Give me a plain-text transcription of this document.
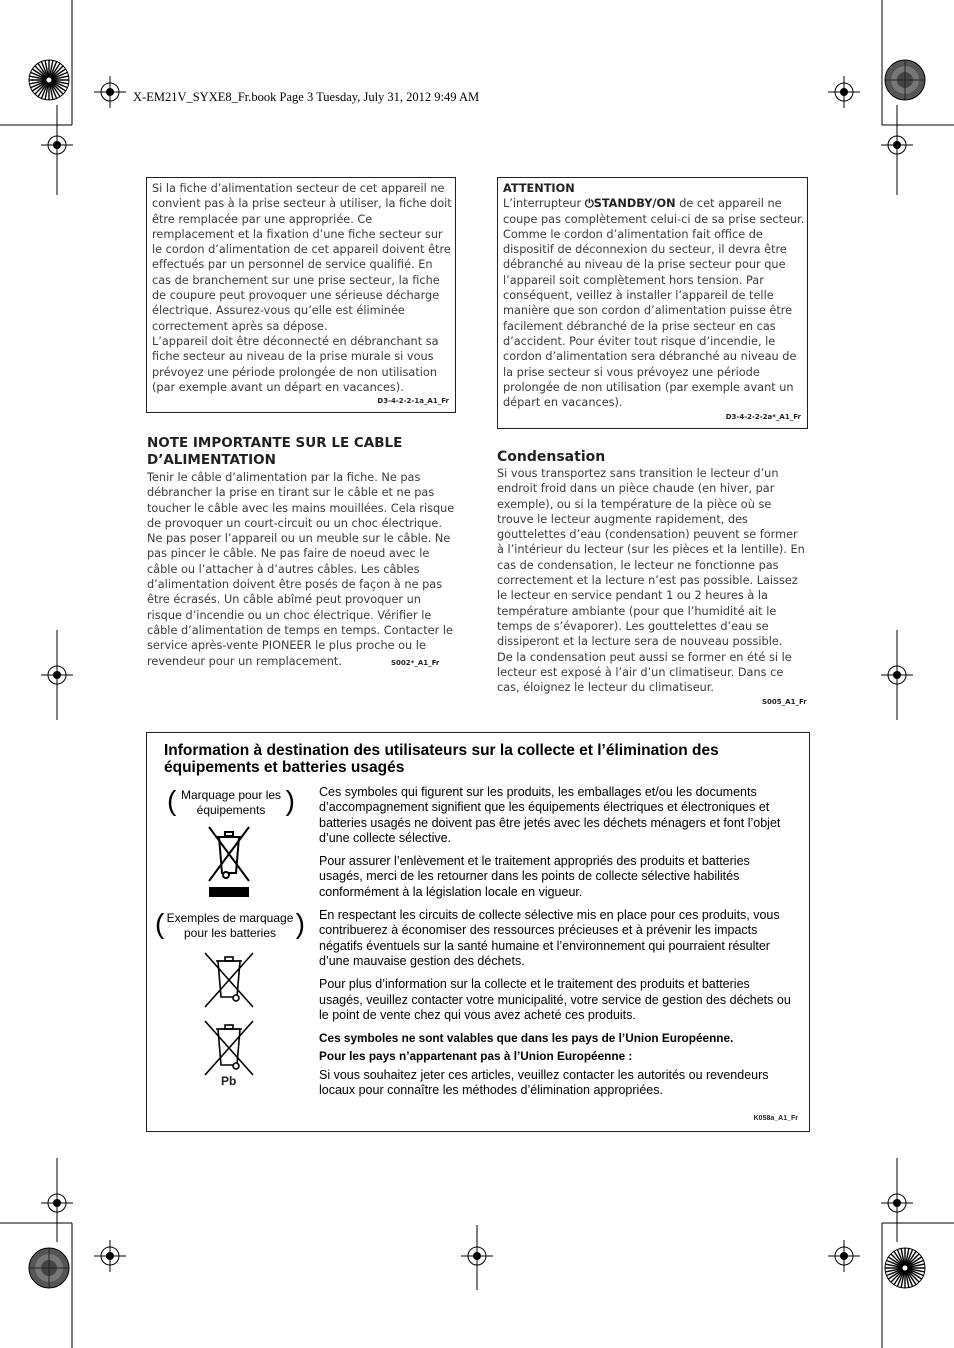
X-EM21V_SYXE8_Fr.book Page 3 Tuesday, July 31, 2012 9:49 AM

Si la fiche d’alimentation secteur de cet appareil ne convient pas à la prise secteur à utiliser, la fiche doit être remplacée par une appropriée. Ce remplacement et la fixation d’une fiche secteur sur le cordon d’alimentation de cet appareil doivent être effectués par un personnel de service qualifié. En cas de branchement sur une prise secteur, la fiche de coupure peut provoquer une sérieuse décharge électrique. Assurez-vous qu’elle est éliminée correctement après sa dépose.

L’appareil doit être déconnecté en débranchant sa fiche secteur au niveau de la prise murale si vous prévoyez une période prolongée de non utilisation (par exemple avant un départ en vacances).

D3-4-2-2-1a_A1_Fr
ATTENTION

L’interrupteur ⏻STANDBY/ON de cet appareil ne coupe pas complètement celui-ci de sa prise secteur. Comme le cordon d’alimentation fait office de dispositif de déconnexion du secteur, il devra être débranché au niveau de la prise secteur pour que l’appareil soit complètement hors tension. Par conséquent, veillez à installer l’appareil de telle manière que son cordon d’alimentation puisse être facilement débranché de la prise secteur en cas d’accident. Pour éviter tout risque d’incendie, le cordon d’alimentation sera débranché au niveau de la prise secteur si vous prévoyez une période prolongée de non utilisation (par exemple avant un départ en vacances).

D3-4-2-2-2a*_A1_Fr
NOTE IMPORTANTE SUR LE CABLE D’ALIMENTATION
Tenir le câble d’alimentation par la fiche. Ne pas débrancher la prise en tirant sur le câble et ne pas toucher le câble avec les mains mouillées. Cela risque de provoquer un court-circuit ou un choc électrique. Ne pas poser l’appareil ou un meuble sur le câble. Ne pas pincer le câble. Ne pas faire de noeud avec le câble ou l’attacher à d’autres câbles. Les câbles d’alimentation doivent être posés de façon à ne pas être écrasés. Un câble abîmé peut provoquer un risque d’incendie ou un choc électrique. Vérifier le câble d’alimentation de temps en temps. Contacter le service après-vente PIONEER le plus proche ou le revendeur pour un remplacement.	S002*_A1_Fr
Condensation
Si vous transportez sans transition le lecteur d’un endroit froid dans un pièce chaude (en hiver, par exemple), ou si la température de la pièce où se trouve le lecteur augmente rapidement, des gouttelettes d’eau (condensation) peuvent se former à l’intérieur du lecteur (sur les pièces et la lentille). En cas de condensation, le lecteur ne fonctionne pas correctement et la lecture n’est pas possible. Laissez le lecteur en service pendant 1 ou 2 heures à la température ambiante (pour que l’humidité ait le temps de s’évaporer). Les gouttelettes d’eau se dissiperont et la lecture sera de nouveau possible.
De la condensation peut aussi se former en été si le lecteur est exposé à l’air d’un climatiseur. Dans ce cas, éloignez le lecteur du climatiseur.
S005_A1_Fr
Information à destination des utilisateurs sur la collecte et l’élimination des équipements et batteries usagés
( Marquage pour les équipements )
( Exemples de marquage pour les batteries )
Pb

Ces symboles qui figurent sur les produits, les emballages et/ou les documents d’accompagnement signifient que les équipements électriques et électroniques et batteries usagés ne doivent pas être jetés avec les déchets ménagers et font l’objet d’une collecte sélective.

Pour assurer l’enlèvement et le traitement appropriés des produits et batteries usagés, merci de les retourner dans les points de collecte sélective habilités conformément à la législation locale en vigueur.

En respectant les circuits de collecte sélective mis en place pour ces produits, vous contribuerez à économiser des ressources précieuses et à prévenir les impacts négatifs éventuels sur la santé humaine et l’environnement qui pourraient résulter d’une mauvaise gestion des déchets.

Pour plus d’information sur la collecte et le traitement des produits et batteries usagés, veuillez contacter votre municipalité, votre service de gestion des déchets ou le point de vente chez qui vous avez acheté ces produits.

Ces symboles ne sont valables que dans les pays de l’Union Européenne.

Pour les pays n’appartenant pas à l’Union Européenne :

Si vous souhaitez jeter ces articles, veuillez contacter les autorités ou revendeurs locaux pour connaître les méthodes d’élimination appropriées.

K058a_A1_Fr
